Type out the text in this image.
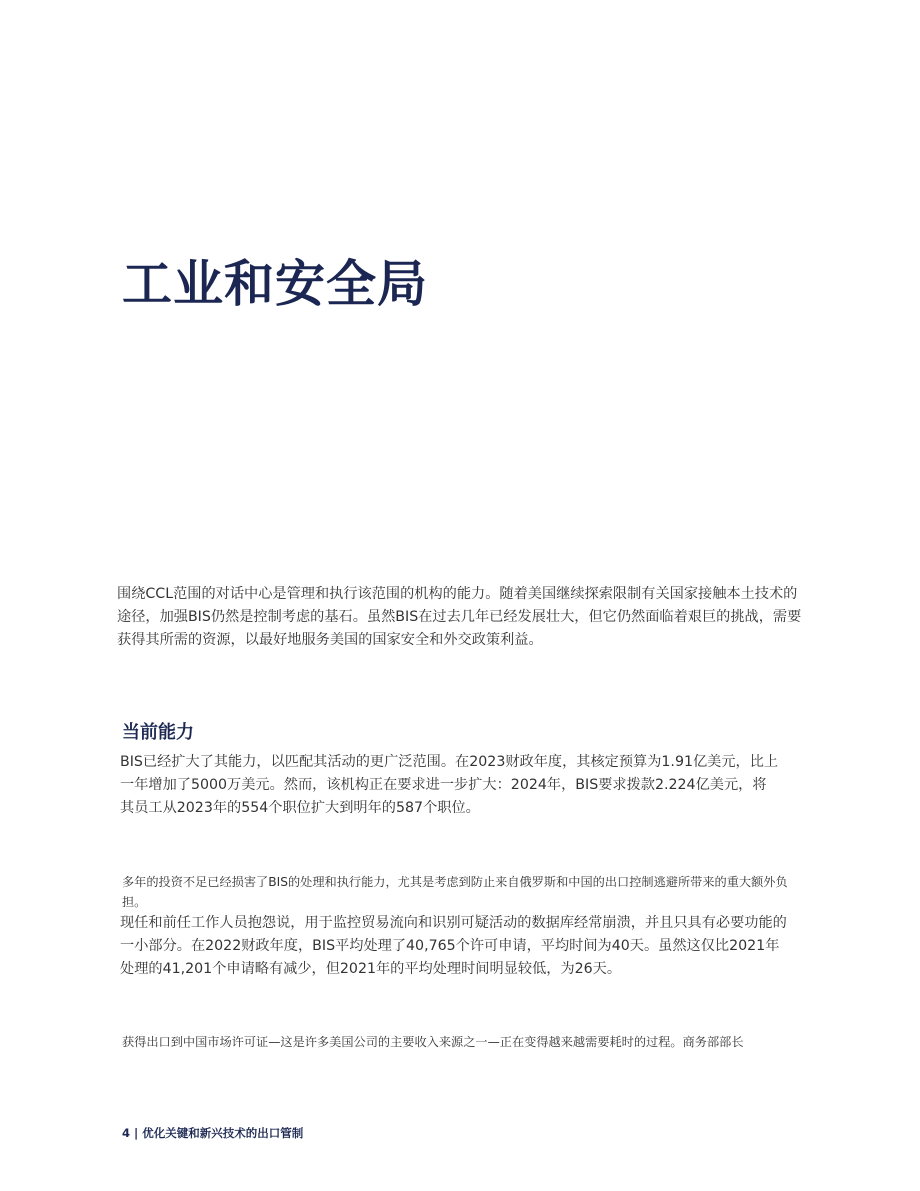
工业和安全局

围绕CCL范围的对话中心是管理和执行该范围的机构的能力。随着美国继续探索限制有关国家接触本土技术的途径，加强BIS仍然是控制考虑的基石。虽然BIS在过去几年已经发展壮大，但它仍然面临着艰巨的挑战，需要获得其所需的资源，以最好地服务美国的国家安全和外交政策利益。

当前能力

BIS已经扩大了其能力，以匹配其活动的更广泛范围。在2023财政年度，其核定预算为1.91亿美元，比上一年增加了5000万美元。然而，该机构正在要求进一步扩大：2024年，BIS要求拨款2.224亿美元，将其员工从2023年的554个职位扩大到明年的587个职位。

多年的投资不足已经损害了BIS的处理和执行能力，尤其是考虑到防止来自俄罗斯和中国的出口控制逃避所带来的重大额外负担。

现任和前任工作人员抱怨说，用于监控贸易流向和识别可疑活动的数据库经常崩溃，并且只具有必要功能的一小部分。在2022财政年度，BIS平均处理了40,765个许可申请，平均时间为40天。虽然这仅比2021年处理的41,201个申请略有减少，但2021年的平均处理时间明显较低，为26天。

获得出口到中国市场许可证—这是许多美国公司的主要收入来源之一—正在变得越来越需要耗时的过程。商务部部长

4 | 优化关键和新兴技术的出口管制
